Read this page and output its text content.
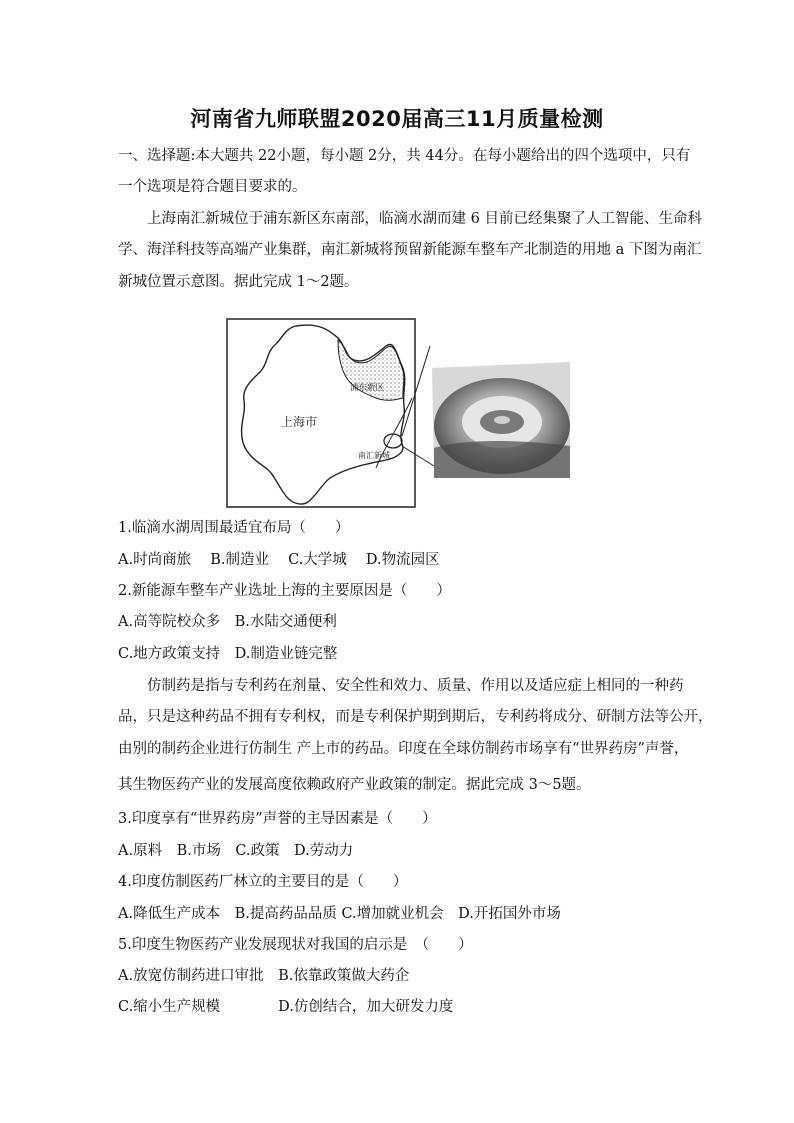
河南省九师联盟2020届高三11月质量检测
一、选择题:本大题共 22小题，每小题 2分，共 44分。在每小题给出的四个选项中，只有
一个选项是符合题目要求的。
上海南汇新城位于浦东新区东南部，临滴水湖而建 6 目前已经集聚了人工智能、生命科
学、海洋科技等高端产业集群，南汇新城将预留新能源车整车产北制造的用地 a 下图为南汇
新城位置示意图。据此完成 1～2题。
上海市
浦东新区
南汇新城
1.临滴水湖周围最适宜布局（　　）
A.时尚商旅　 B.制造业　 C.大学城　 D.物流园区
2.新能源车整车产业选址上海的主要原因是（　　）
A.高等院校众多　B.水陆交通便利
C.地方政策支持　D.制造业链完整
仿制药是指与专利药在剂量、安全性和效力、质量、作用以及适应症上相同的一种药
品，只是这种药品不拥有专利权，而是专利保护期到期后，专利药将成分、研制方法等公开，
由别的制药企业进行仿制生 产上市的药品。印度在全球仿制药市场享有“世界药房”声誉，
其生物医药产业的发展高度依赖政府产业政策的制定。据此完成 3～5题。
3.印度享有“世界药房”声誉的主导因素是（　　）
A.原料　B.市场　C.政策　D.劳动力
4.印度仿制医药厂林立的主要目的是（　　）
A.降低生产成本　B.提高药品品质 C.增加就业机会　D.开拓国外市场
5.印度生物医药产业发展现状对我国的启示是　（　　）
A.放宽仿制药进口审批　B.依靠政策做大药企
C.缩小生产规模　　　　D.仿创结合，加大研发力度
